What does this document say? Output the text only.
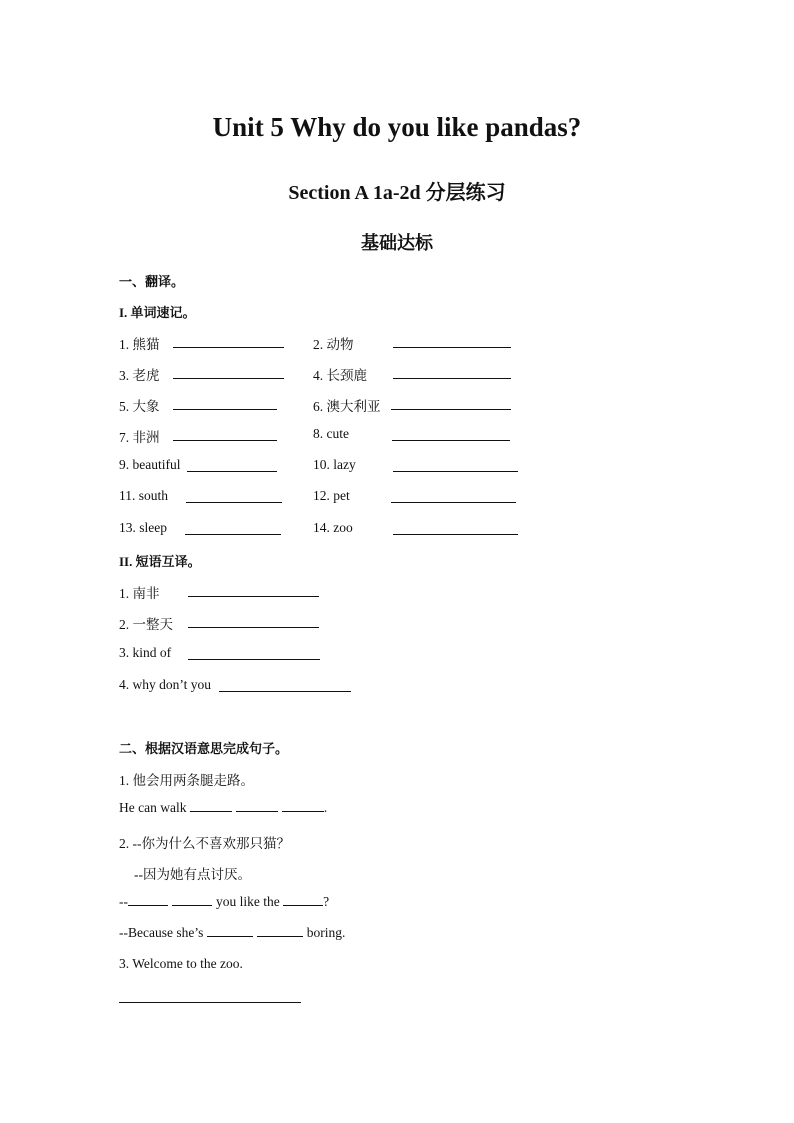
Unit 5 Why do you like pandas?
Section A 1a-2d 分层练习
基础达标
一、翻译。
I. 单词速记。
1. 熊猫	2. 动物
3. 老虎	4. 长颈鹿
5. 大象	6. 澳大利亚
7. 非洲	8. cute
9. beautiful	10. lazy
11. south	12. pet
13. sleep	14. zoo
II. 短语互译。
1. 南非
2. 一整天
3. kind of
4. why don’t you
二、根据汉语意思完成句子。
1. 他会用两条腿走路。
He can walk	.
2. --你为什么不喜欢那只猫？
--因为她有点讨厌。
--	you like the	?
--Because she’s	boring.
3. Welcome to the zoo.
